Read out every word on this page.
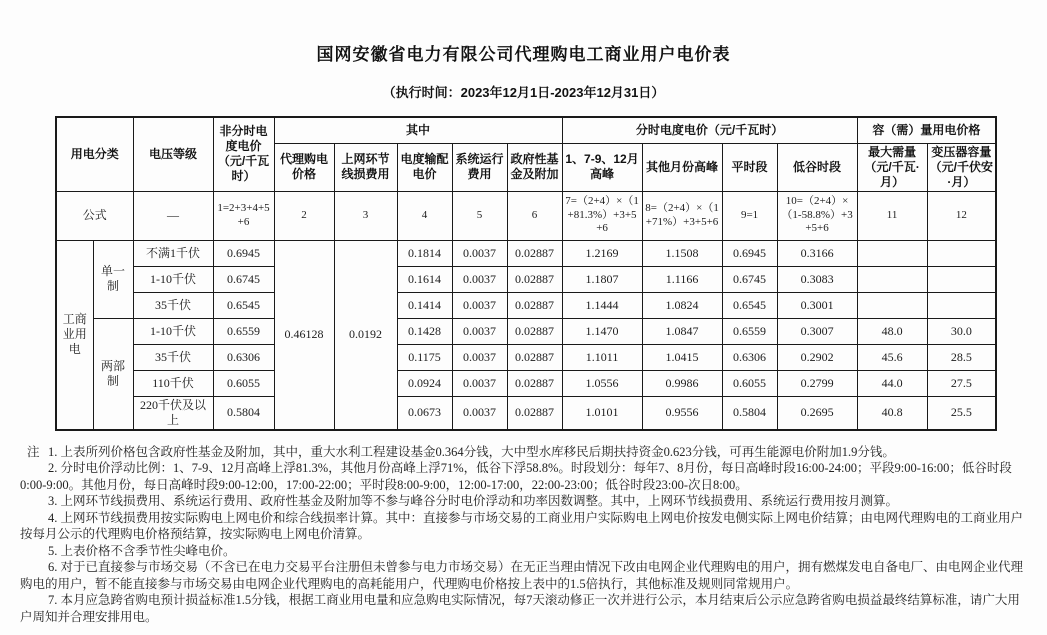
国网安徽省电力有限公司代理购电工商业用户电价表
（执行时间：2023年12月1日-2023年12月31日）
用电分类		电压等级	非分时电度电价（元/千瓦时）	其中					分时电度电价（元/千瓦时）				容（需）量用电价格	
				代理购电价格	上网环节线损费用	电度输配电价	系统运行费用	政府性基金及附加	1、7-9、12月高峰	其他月份高峰	平时段	低谷时段	最大需量（元/千瓦·月）	变压器容量（元/千伏安·月）
公式		—	1=2+3+4+5+6	2	3	4	5	6	7=（2+4）×（1+81.3%）+3+5+6	8=（2+4）×（1+71%）+3+5+6	9=1	10=（2+4）×（1-58.8%）+3+5+6	11	12
工商业用电	单一制	不满1千伏	0.6945	0.46128	0.0192	0.1814	0.0037	0.02887	1.2169	1.1508	0.6945	0.3166		
		1-10千伏	0.6745			0.1614	0.0037	0.02887	1.1807	1.1166	0.6745	0.3083		
		35千伏	0.6545			0.1414	0.0037	0.02887	1.1444	1.0824	0.6545	0.3001		
	两部制	1-10千伏	0.6559			0.1428	0.0037	0.02887	1.1470	1.0847	0.6559	0.3007	48.0	30.0
		35千伏	0.6306			0.1175	0.0037	0.02887	1.1011	1.0415	0.6306	0.2902	45.6	28.5
		110千伏	0.6055			0.0924	0.0037	0.02887	1.0556	0.9986	0.6055	0.2799	44.0	27.5
		220千伏及以上	0.5804			0.0673	0.0037	0.02887	1.0101	0.9556	0.5804	0.2695	40.8	25.5
注 1. 上表所列价格包含政府性基金及附加，其中，重大水利工程建设基金0.364分钱，大中型水库移民后期扶持资金0.623分钱，可再生能源电价附加1.9分钱。

2. 分时电价浮动比例：1、7-9、12月高峰上浮81.3%，其他月份高峰上浮71%，低谷下浮58.8%。时段划分：每年7、8月份，每日高峰时段16:00-24:00；平段9:00-16:00；低谷时段0:00-9:00。其他月份，每日高峰时段9:00-12:00，17:00-22:00；平时段8:00-9:00，12:00-17:00，22:00-23:00；低谷时段23:00-次日8:00。

3. 上网环节线损费用、系统运行费用、政府性基金及附加等不参与峰谷分时电价浮动和功率因数调整。其中，上网环节线损费用、系统运行费用按月测算。

4. 上网环节线损费用按实际购电上网电价和综合线损率计算。其中：直接参与市场交易的工商业用户实际购电上网电价按发电侧实际上网电价结算；由电网代理购电的工商业用户按每月公示的代理购电价格预结算，按实际购电上网电价清算。

5. 上表价格不含季节性尖峰电价。

6. 对于已直接参与市场交易（不含已在电力交易平台注册但未曾参与电力市场交易）在无正当理由情况下改由电网企业代理购电的用户，拥有燃煤发电自备电厂、由电网企业代理购电的用户，暂不能直接参与市场交易由电网企业代理购电的高耗能用户，代理购电价格按上表中的1.5倍执行，其他标准及规则同常规用户。

7. 本月应急跨省购电预计损益标准1.5分钱，根据工商业用电量和应急购电实际情况，每7天滚动修正一次并进行公示，本月结束后公示应急跨省购电损益最终结算标准，请广大用户周知并合理安排用电。
